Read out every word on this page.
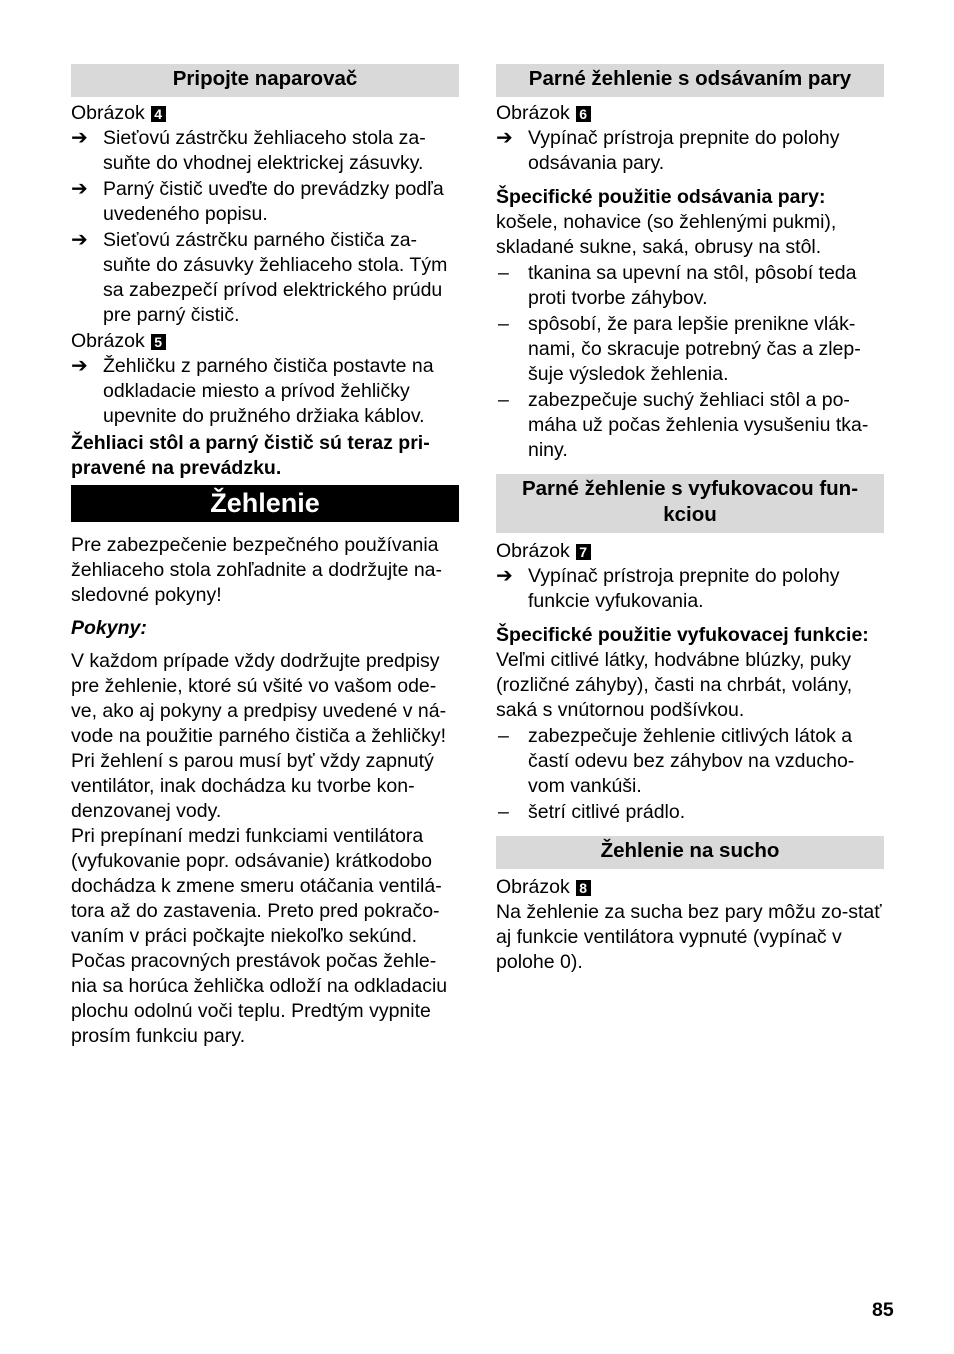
Pripojte naparovač
Obrázok 4
➔ Sieťovú zástrčku žehliaceho stola za-suňte do vhodnej elektrickej zásuvky.
➔ Parný čistič uveďte do prevádzky podľa uvedeného popisu.
➔ Sieťovú zástrčku parného čističa za-suňte do zásuvky žehliaceho stola. Tým sa zabezpečí prívod elektrického prúdu pre parný čistič.
Obrázok 5
➔ Žehličku z parného čističa postavte na odkladacie miesto a prívod žehličky upevnite do pružného držiaka káblov.

Žehliaci stôl a parný čistič sú teraz pri-pravené na prevádzku.

Žehlenie

Pre zabezpečenie bezpečného používania žehliaceho stola zohľadnite a dodržujte na-sledovné pokyny!

Pokyny:

V každom prípade vždy dodržujte predpisy pre žehlenie, ktoré sú všité vo vašom ode-ve, ako aj pokyny a predpisy uvedené v ná-vode na použitie parného čističa a žehličky!

Pri žehlení s parou musí byť vždy zapnutý ventilátor, inak dochádza ku tvorbe kon-denzovanej vody.

Pri prepínaní medzi funkciami ventilátora (vyfukovanie popr. odsávanie) krátkodobo dochádza k zmene smeru otáčania ventilá-tora až do zastavenia. Preto pred pokračo-vaním v práci počkajte niekoľko sekúnd.

Počas pracovných prestávok počas žehle-nia sa horúca žehlička odloží na odkladaciu plochu odolnú voči teplu. Predtým vypnite prosím funkciu pary.

Parné žehlenie s odsávaním pary
Obrázok 6
➔ Vypínač prístroja prepnite do polohy odsávania pary.

Špecifické použitie odsávania pary:

košele, nohavice (so žehlenými pukmi), skladané sukne, saká, obrusy na stôl.

– tkanina sa upevní na stôl, pôsobí teda proti tvorbe záhybov.
– spôsobí, že para lepšie prenikne vlák-nami, čo skracuje potrebný čas a zlep-šuje výsledok žehlenia.
– zabezpečuje suchý žehliaci stôl a po-máha už počas žehlenia vysušeniu tka-niny.
Parné žehlenie s vyfukovacou fun-kciou
Obrázok 7
➔ Vypínač prístroja prepnite do polohy funkcie vyfukovania.

Špecifické použitie vyfukovacej funkcie:

Veľmi citlivé látky, hodvábne blúzky, puky (rozličné záhyby), časti na chrbát, volány, saká s vnútornou podšívkou.

– zabezpečuje žehlenie citlivých látok a častí odevu bez záhybov na vzducho-vom vankúši.
– šetrí citlivé prádlo.
Žehlenie na sucho
Obrázok 8

Na žehlenie za sucha bez pary môžu zo-stať aj funkcie ventilátora vypnuté (vypínač v polohe 0).

85
